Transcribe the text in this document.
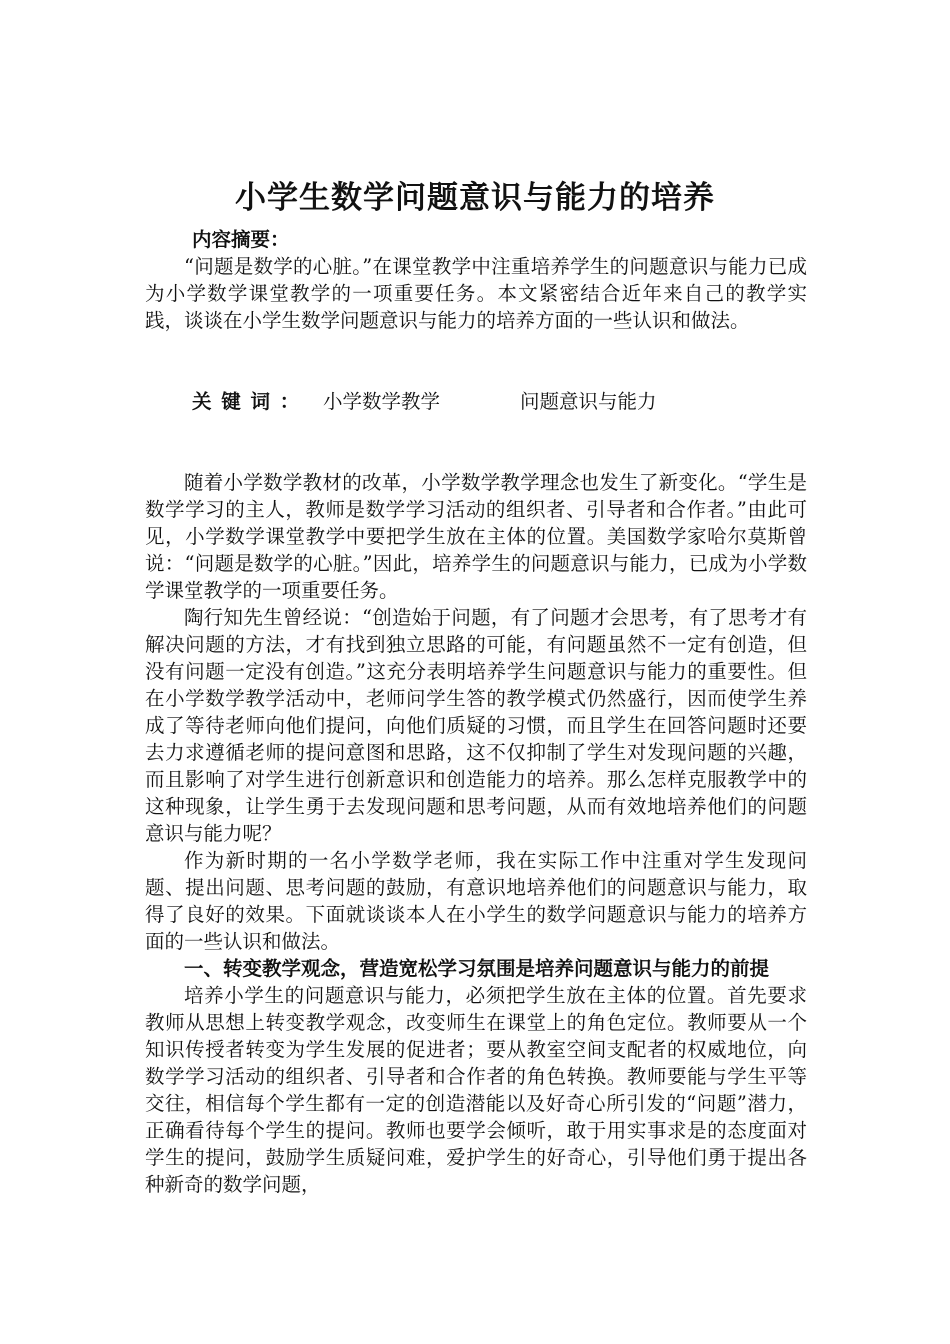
小学生数学问题意识与能力的培养

内容摘要：

“问题是数学的心脏。”在课堂教学中注重培养学生的问题意识与能力已成为小学数学课堂教学的一项重要任务。本文紧密结合近年来自己的教学实践，谈谈在小学生数学问题意识与能力的培养方面的一些认识和做法。

关键词： 小学数学教学	问题意识与能力

随着小学数学教材的改革，小学数学教学理念也发生了新变化。“学生是数学学习的主人，教师是数学学习活动的组织者、引导者和合作者。”由此可见，小学数学课堂教学中要把学生放在主体的位置。美国数学家哈尔莫斯曾说：“问题是数学的心脏。”因此，培养学生的问题意识与能力，已成为小学数学课堂教学的一项重要任务。

陶行知先生曾经说：“创造始于问题，有了问题才会思考，有了思考才有解决问题的方法，才有找到独立思路的可能，有问题虽然不一定有创造，但没有问题一定没有创造。”这充分表明培养学生问题意识与能力的重要性。但在小学数学教学活动中，老师问学生答的教学模式仍然盛行，因而使学生养成了等待老师向他们提问，向他们质疑的习惯，而且学生在回答问题时还要去力求遵循老师的提问意图和思路，这不仅抑制了学生对发现问题的兴趣，而且影响了对学生进行创新意识和创造能力的培养。那么怎样克服教学中的这种现象，让学生勇于去发现问题和思考问题，从而有效地培养他们的问题意识与能力呢？

作为新时期的一名小学数学老师，我在实际工作中注重对学生发现问题、提出问题、思考问题的鼓励，有意识地培养他们的问题意识与能力，取得了良好的效果。下面就谈谈本人在小学生的数学问题意识与能力的培养方面的一些认识和做法。

一、转变教学观念，营造宽松学习氛围是培养问题意识与能力的前提

培养小学生的问题意识与能力，必须把学生放在主体的位置。首先要求教师从思想上转变教学观念，改变师生在课堂上的角色定位。教师要从一个知识传授者转变为学生发展的促进者；要从教室空间支配者的权威地位，向数学学习活动的组织者、引导者和合作者的角色转换。教师要能与学生平等交往，相信每个学生都有一定的创造潜能以及好奇心所引发的“问题”潜力，正确看待每个学生的提问。教师也要学会倾听，敢于用实事求是的态度面对学生的提问，鼓励学生质疑问难，爱护学生的好奇心，引导他们勇于提出各种新奇的数学问题，
